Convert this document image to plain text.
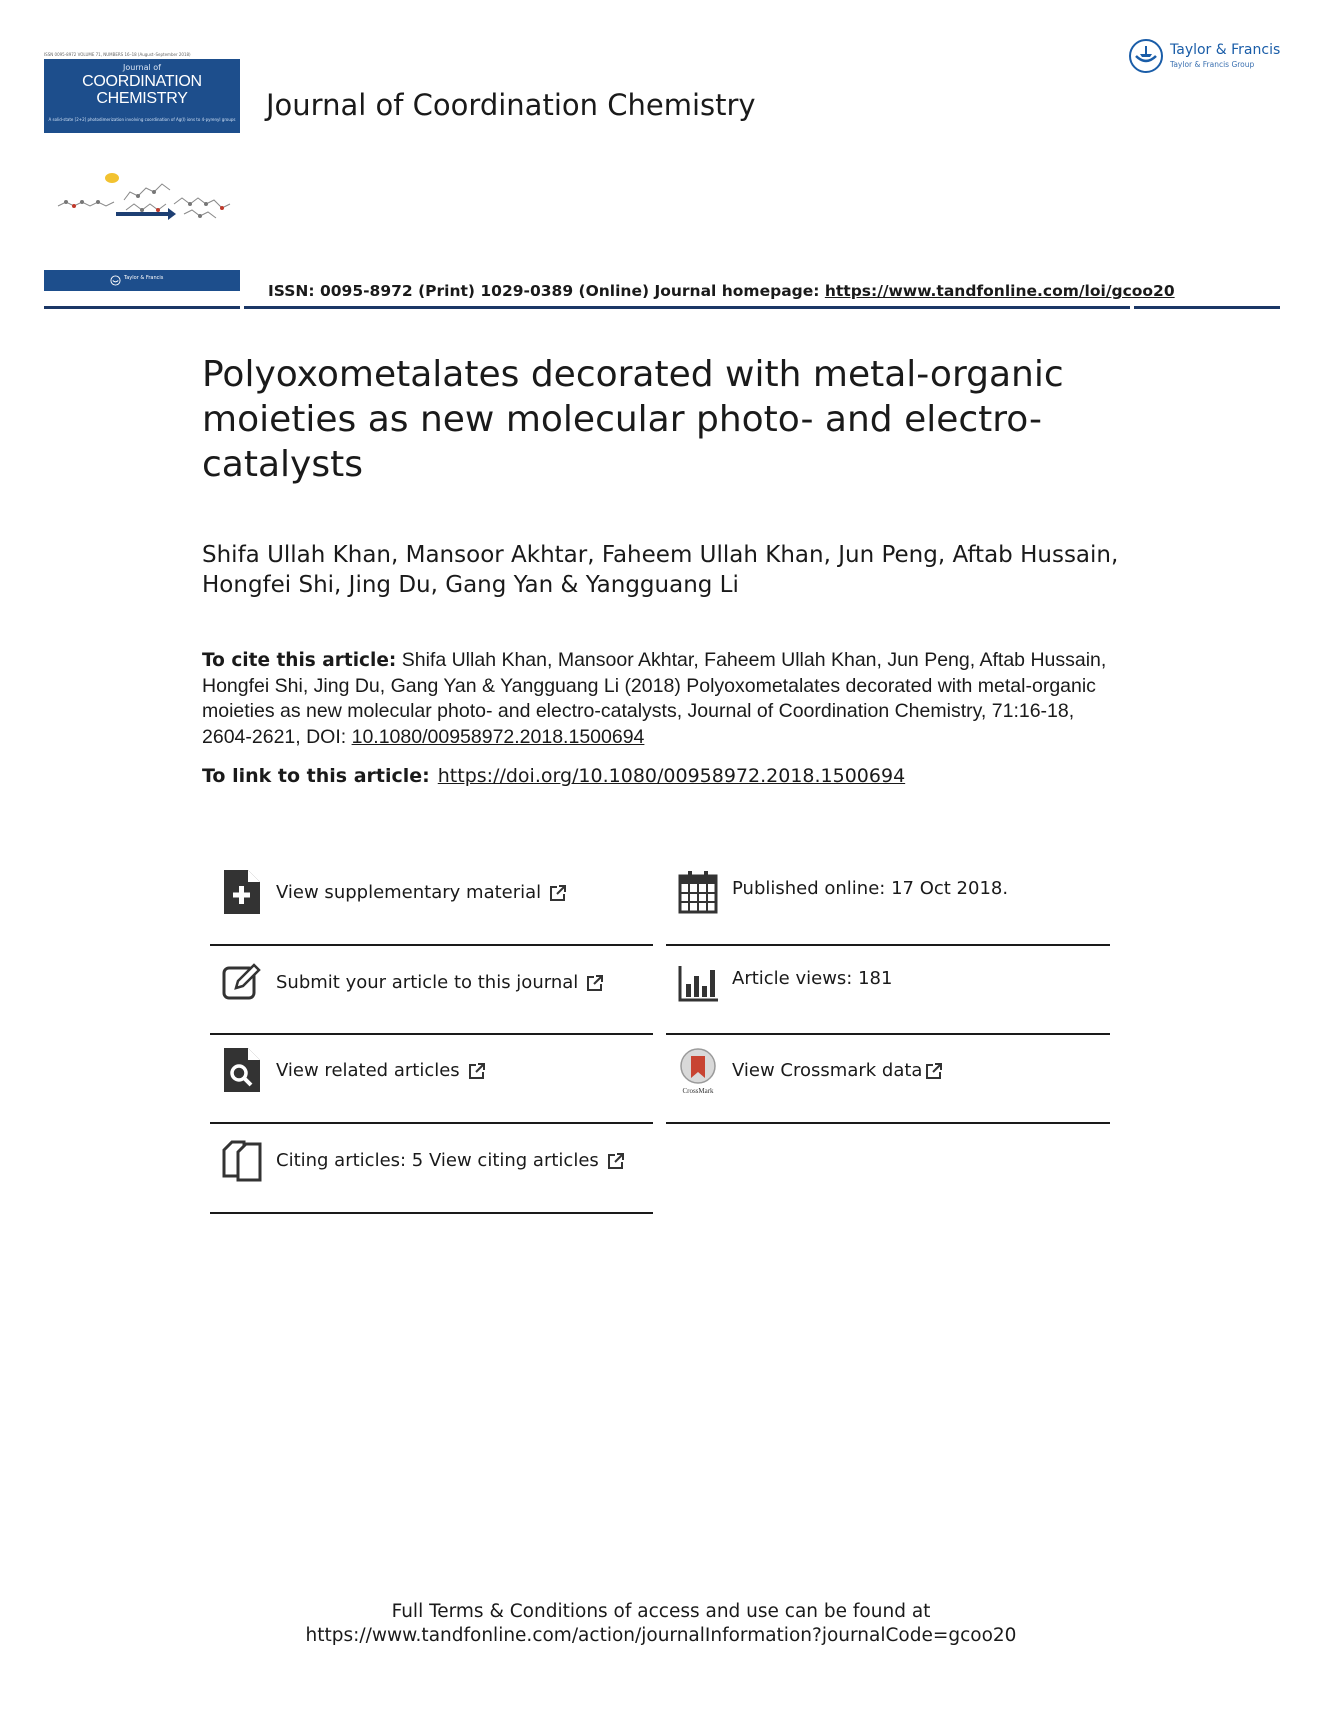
ISSN 0095-8972 VOLUME 71, NUMBERS 16–18 (August–September 2018)
Journal of
COORDINATION
CHEMISTRY
A solid-state [2+2] photodimerization involving coordination of Ag(I) ions to 4-pyrenyl groups
Taylor & Francis
Journal of Coordination Chemistry
Taylor & Francis
Taylor & Francis Group
ISSN: 0095-8972 (Print) 1029-0389 (Online) Journal homepage: https://www.tandfonline.com/loi/gcoo20
Polyoxometalates decorated with metal-organic moieties as new molecular photo- and electro-catalysts
Shifa Ullah Khan, Mansoor Akhtar, Faheem Ullah Khan, Jun Peng, Aftab Hussain, Hongfei Shi, Jing Du, Gang Yan & Yangguang Li
To cite this article: Shifa Ullah Khan, Mansoor Akhtar, Faheem Ullah Khan, Jun Peng, Aftab Hussain, Hongfei Shi, Jing Du, Gang Yan & Yangguang Li (2018) Polyoxometalates decorated with metal-organic moieties as new molecular photo- and electro-catalysts, Journal of Coordination Chemistry, 71:16-18, 2604-2621, DOI: 10.1080/00958972.2018.1500694
To link to this article: https://doi.org/10.1080/00958972.2018.1500694
View supplementary material
Submit your article to this journal
View related articles
Citing articles: 5 View citing articles
Published online: 17 Oct 2018.
Article views: 181
CrossMark
View Crossmark data
Full Terms & Conditions of access and use can be found at
https://www.tandfonline.com/action/journalInformation?journalCode=gcoo20
